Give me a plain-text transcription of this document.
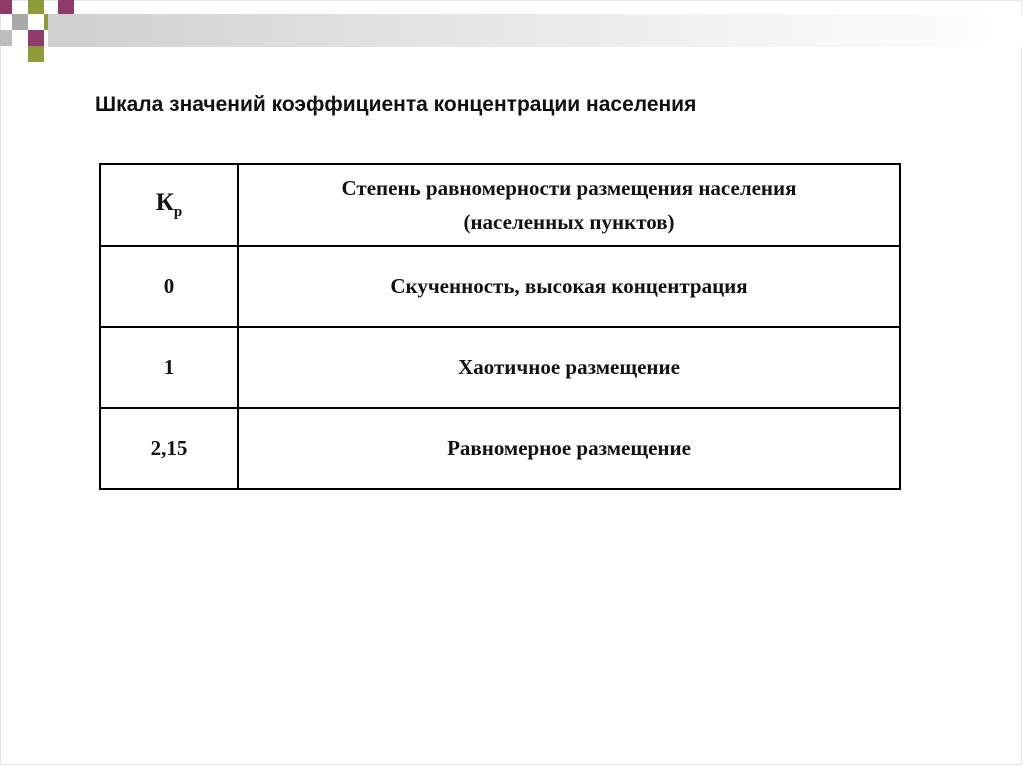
Шкала значений коэффициента концентрации населения
$К_р$	Степень равномерности размещения населения
(населенных пунктов)

0	Скученность, высокая концентрация
1	Хаотичное размещение
2,15	Равномерное размещение
